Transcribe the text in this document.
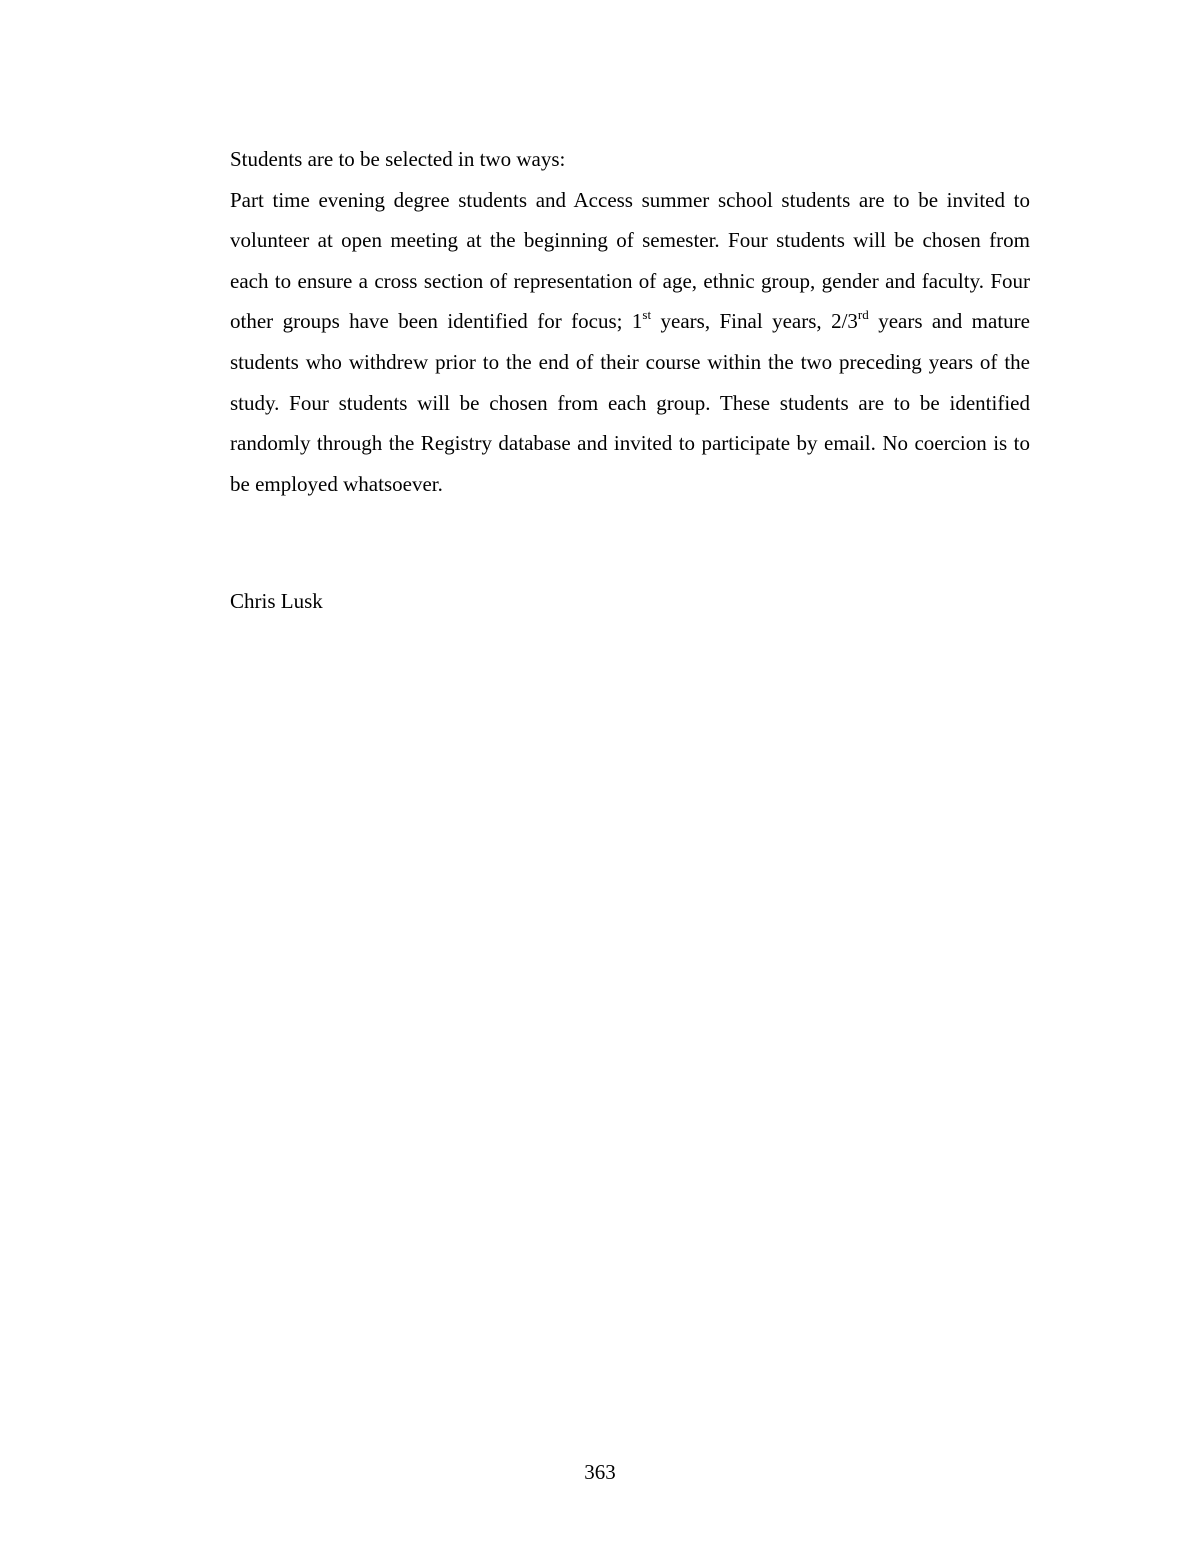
Students are to be selected in two ways:

Part time evening degree students and Access summer school students are to be invited to volunteer at open meeting at the beginning of semester. Four students will be chosen from each to ensure a cross section of representation of age, ethnic group, gender and faculty. Four other groups have been identified for focus; 1st years, Final years, 2/3rd years and mature students who withdrew prior to the end of their course within the two preceding years of the study. Four students will be chosen from each group. These students are to be identified randomly through the Registry database and invited to participate by email. No coercion is to be employed whatsoever.

Chris Lusk
363
